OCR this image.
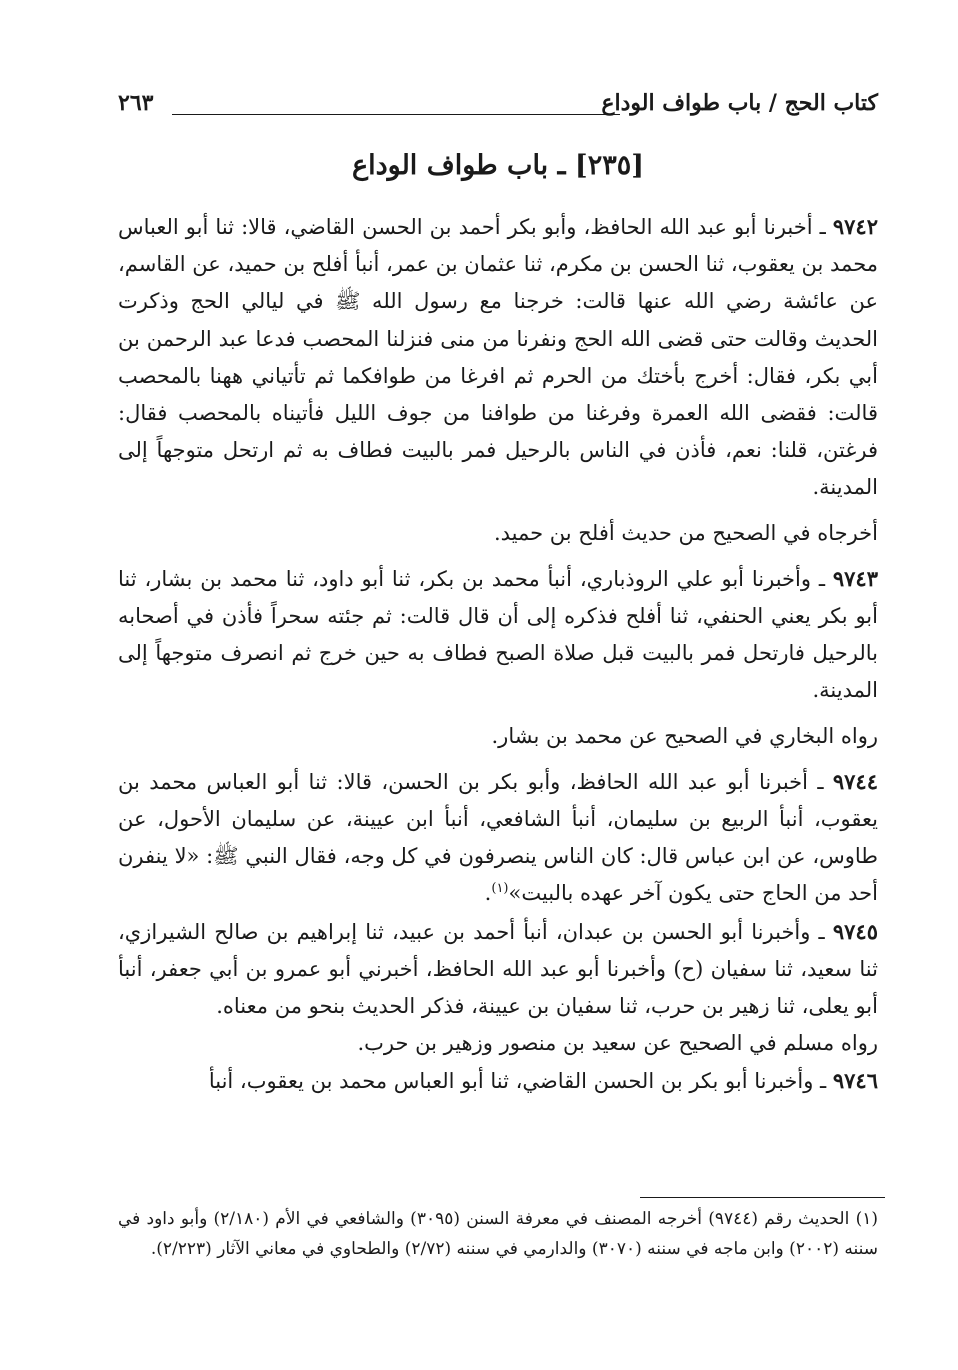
كتاب الحج / باب طواف الوداع
٢٦٣
[٢٣٥] ـ باب طواف الوداع

٩٧٤٢ ـ أخبرنا أبو عبد الله الحافظ، وأبو بكر أحمد بن الحسن القاضي، قالا: ثنا أبو العباس محمد بن يعقوب، ثنا الحسن بن مكرم، ثنا عثمان بن عمر، أنبأ أفلح بن حميد، عن القاسم، عن عائشة رضي الله عنها قالت: خرجنا مع رسول الله ﷺ في ليالي الحج وذكرت الحديث وقالت حتى قضى الله الحج ونفرنا من منى فنزلنا المحصب فدعا عبد الرحمن بن أبي بكر، فقال: أخرج بأختك من الحرم ثم افرغا من طوافكما ثم تأتياني ههنا بالمحصب قالت: فقضى الله العمرة وفرغنا من طوافنا من جوف الليل فأتيناه بالمحصب فقال: فرغتن، قلنا: نعم، فأذن في الناس بالرحيل فمر بالبيت فطاف به ثم ارتحل متوجهاً إلى المدينة.

أخرجاه في الصحيح من حديث أفلح بن حميد.

٩٧٤٣ ـ وأخبرنا أبو علي الروذباري، أنبأ محمد بن بكر، ثنا أبو داود، ثنا محمد بن بشار، ثنا أبو بكر يعني الحنفي، ثنا أفلح فذكره إلى أن قال قالت: ثم جئته سحراً فأذن في أصحابه بالرحيل فارتحل فمر بالبيت قبل صلاة الصبح فطاف به حين خرج ثم انصرف متوجهاً إلى المدينة.

رواه البخاري في الصحيح عن محمد بن بشار.

٩٧٤٤ ـ أخبرنا أبو عبد الله الحافظ، وأبو بكر بن الحسن، قالا: ثنا أبو العباس محمد بن يعقوب، أنبأ الربيع بن سليمان، أنبأ الشافعي، أنبأ ابن عيينة، عن سليمان الأحول، عن طاوس، عن ابن عباس قال: كان الناس ينصرفون في كل وجه، فقال النبي ﷺ: «لا ينفرن أحد من الحاج حتى يكون آخر عهده بالبيت»$^{(١)}$.

٩٧٤٥ ـ وأخبرنا أبو الحسن بن عبدان، أنبأ أحمد بن عبيد، ثنا إبراهيم بن صالح الشيرازي، ثنا سعيد، ثنا سفيان (ح) وأخبرنا أبو عبد الله الحافظ، أخبرني أبو عمرو بن أبي جعفر، أنبأ أبو يعلى، ثنا زهير بن حرب، ثنا سفيان بن عيينة، فذكر الحديث بنحو من معناه.

رواه مسلم في الصحيح عن سعيد بن منصور وزهير بن حرب.

٩٧٤٦ ـ وأخبرنا أبو بكر بن الحسن القاضي، ثنا أبو العباس محمد بن يعقوب، أنبأ

(١) الحديث رقم (٩٧٤٤) أخرجه المصنف في معرفة السنن (٣٠٩٥) والشافعي في الأم (٢/١٨٠) وأبو داود في سننه (٢٠٠٢) وابن ماجه في سننه (٣٠٧٠) والدارمي في سننه (٢/٧٢) والطحاوي في معاني الآثار (٢/٢٢٣).
